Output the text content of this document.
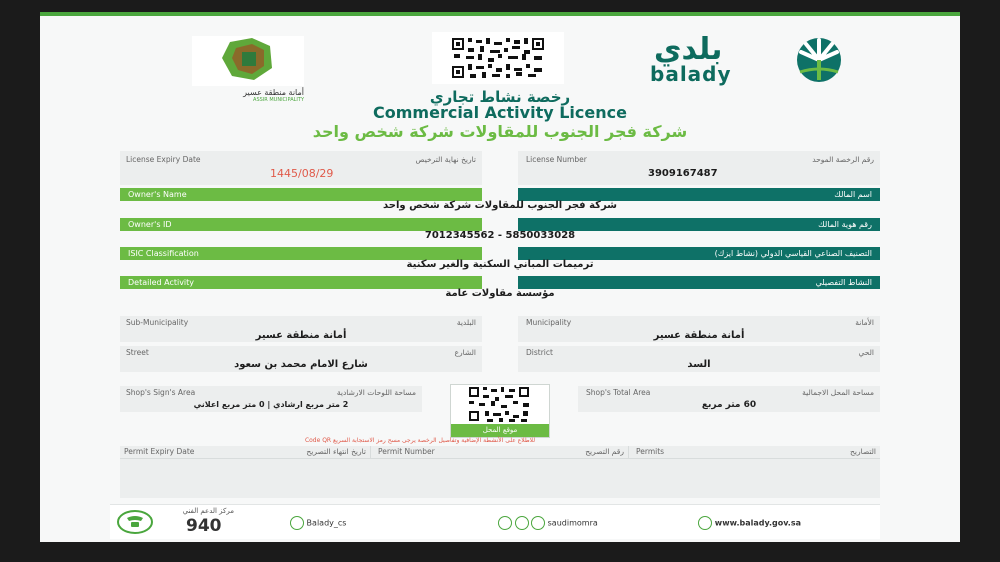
أمانة منطقة عسير
ASSIR MUNICIPALITY
بلدي
balady
رخصة نشاط تجاري
Commercial Activity Licence
شركة فجر الجنوب للمقاولات شركة شخص واحد
License Expiry Date	تاريخ نهاية الترخيص
1445/08/29
License Number	رقم الرخصة الموحد
3909167487
Owner's Name	اسم المالك
شركة فجر الجنوب للمقاولات شركة شخص واحد
Owner's ID	رقم هوية المالك
7012345562 - 5850033028
ISIC Classification	التصنيف الصناعي القياسي الدولي (نشاط ايزك)
ترميمات المباني السكنية والغير سكنية
Detailed Activity	النشاط التفصيلي
مؤسسة مقاولات عامة
Sub-Municipality	البلدية
أمانة منطقة عسير
Municipality	الأمانة
أمانة منطقة عسير
Street	الشارع
شارع الامام محمد بن سعود
District	الحي
السد
Shop's Sign's Area	مساحة اللوحات الارشادية
2 متر مربع ارشادي | 0 متر مربع اعلاني
موقع المحل
Shop's Total Area	مساحة المحل الاجمالية
60 متر مربع
للاطلاع على الأنشطة الإضافية وتفاصيل الرخصة يرجى مسح رمز الاستجابة السريع Code QR
Permit Expiry Date	تاريخ انتهاء التصريح Permit Number	رقم التصريح Permits	التصاريح
مركز الدعم الفني
940	Balady_cs	saudimomra	www.balady.gov.sa
